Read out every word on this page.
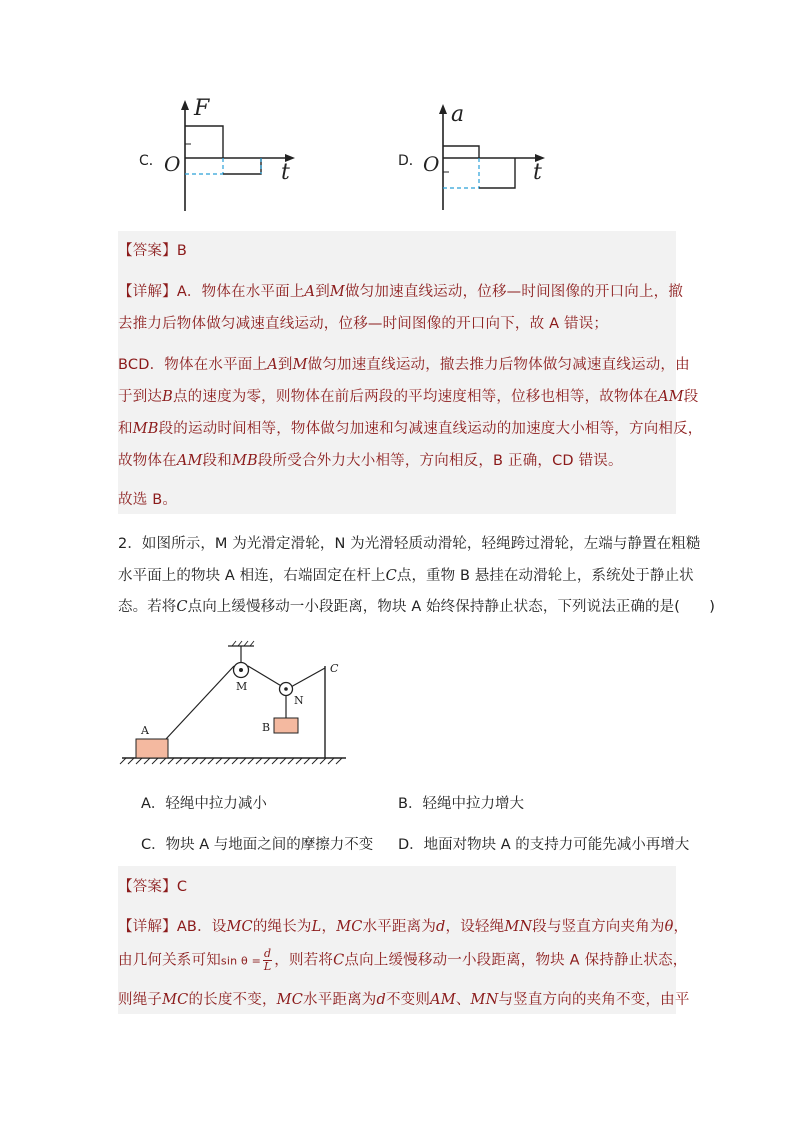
C．
F
O	t	D．
a
O	t
【答案】B
【详解】A．物体在水平面上A到M做匀加速直线运动，位移—时间图像的开口向上，撤
去推力后物体做匀减速直线运动，位移—时间图像的开口向下，故 A 错误；
BCD．物体在水平面上A到M做匀加速直线运动，撤去推力后物体做匀减速直线运动，由
于到达B点的速度为零，则物体在前后两段的平均速度相等，位移也相等，故物体在AM段
和MB段的运动时间相等，物体做匀加速和匀减速直线运动的加速度大小相等，方向相反，
故物体在AM段和MB段所受合外力大小相等，方向相反，B 正确，CD 错误。
故选 B。
2．如图所示，M 为光滑定滑轮，N 为光滑轻质动滑轮，轻绳跨过滑轮，左端与静置在粗糙
水平面上的物块 A 相连，右端固定在杆上C点，重物 B 悬挂在动滑轮上，系统处于静止状
态。若将C点向上缓慢移动一小段距离，物块 A 始终保持静止状态，下列说法正确的是(　　)
A
M
N
B
C
A．轻绳中拉力减小	B．轻绳中拉力增大
C．物块 A 与地面之间的摩擦力不变 D．地面对物块 A 的支持力可能先减小再增大
【答案】C
【详解】AB．设MC的绳长为L，MC水平距离为d，设轻绳MN段与竖直方向夹角为θ，
由几何关系可知$\sin \theta = \frac{d}{L}$ ，则若将C点向上缓慢移动一小段距离，物块 A 保持静止状态，
则绳子MC的长度不变，MC水平距离为d不变则AM、MN与竖直方向的夹角不变，由平
